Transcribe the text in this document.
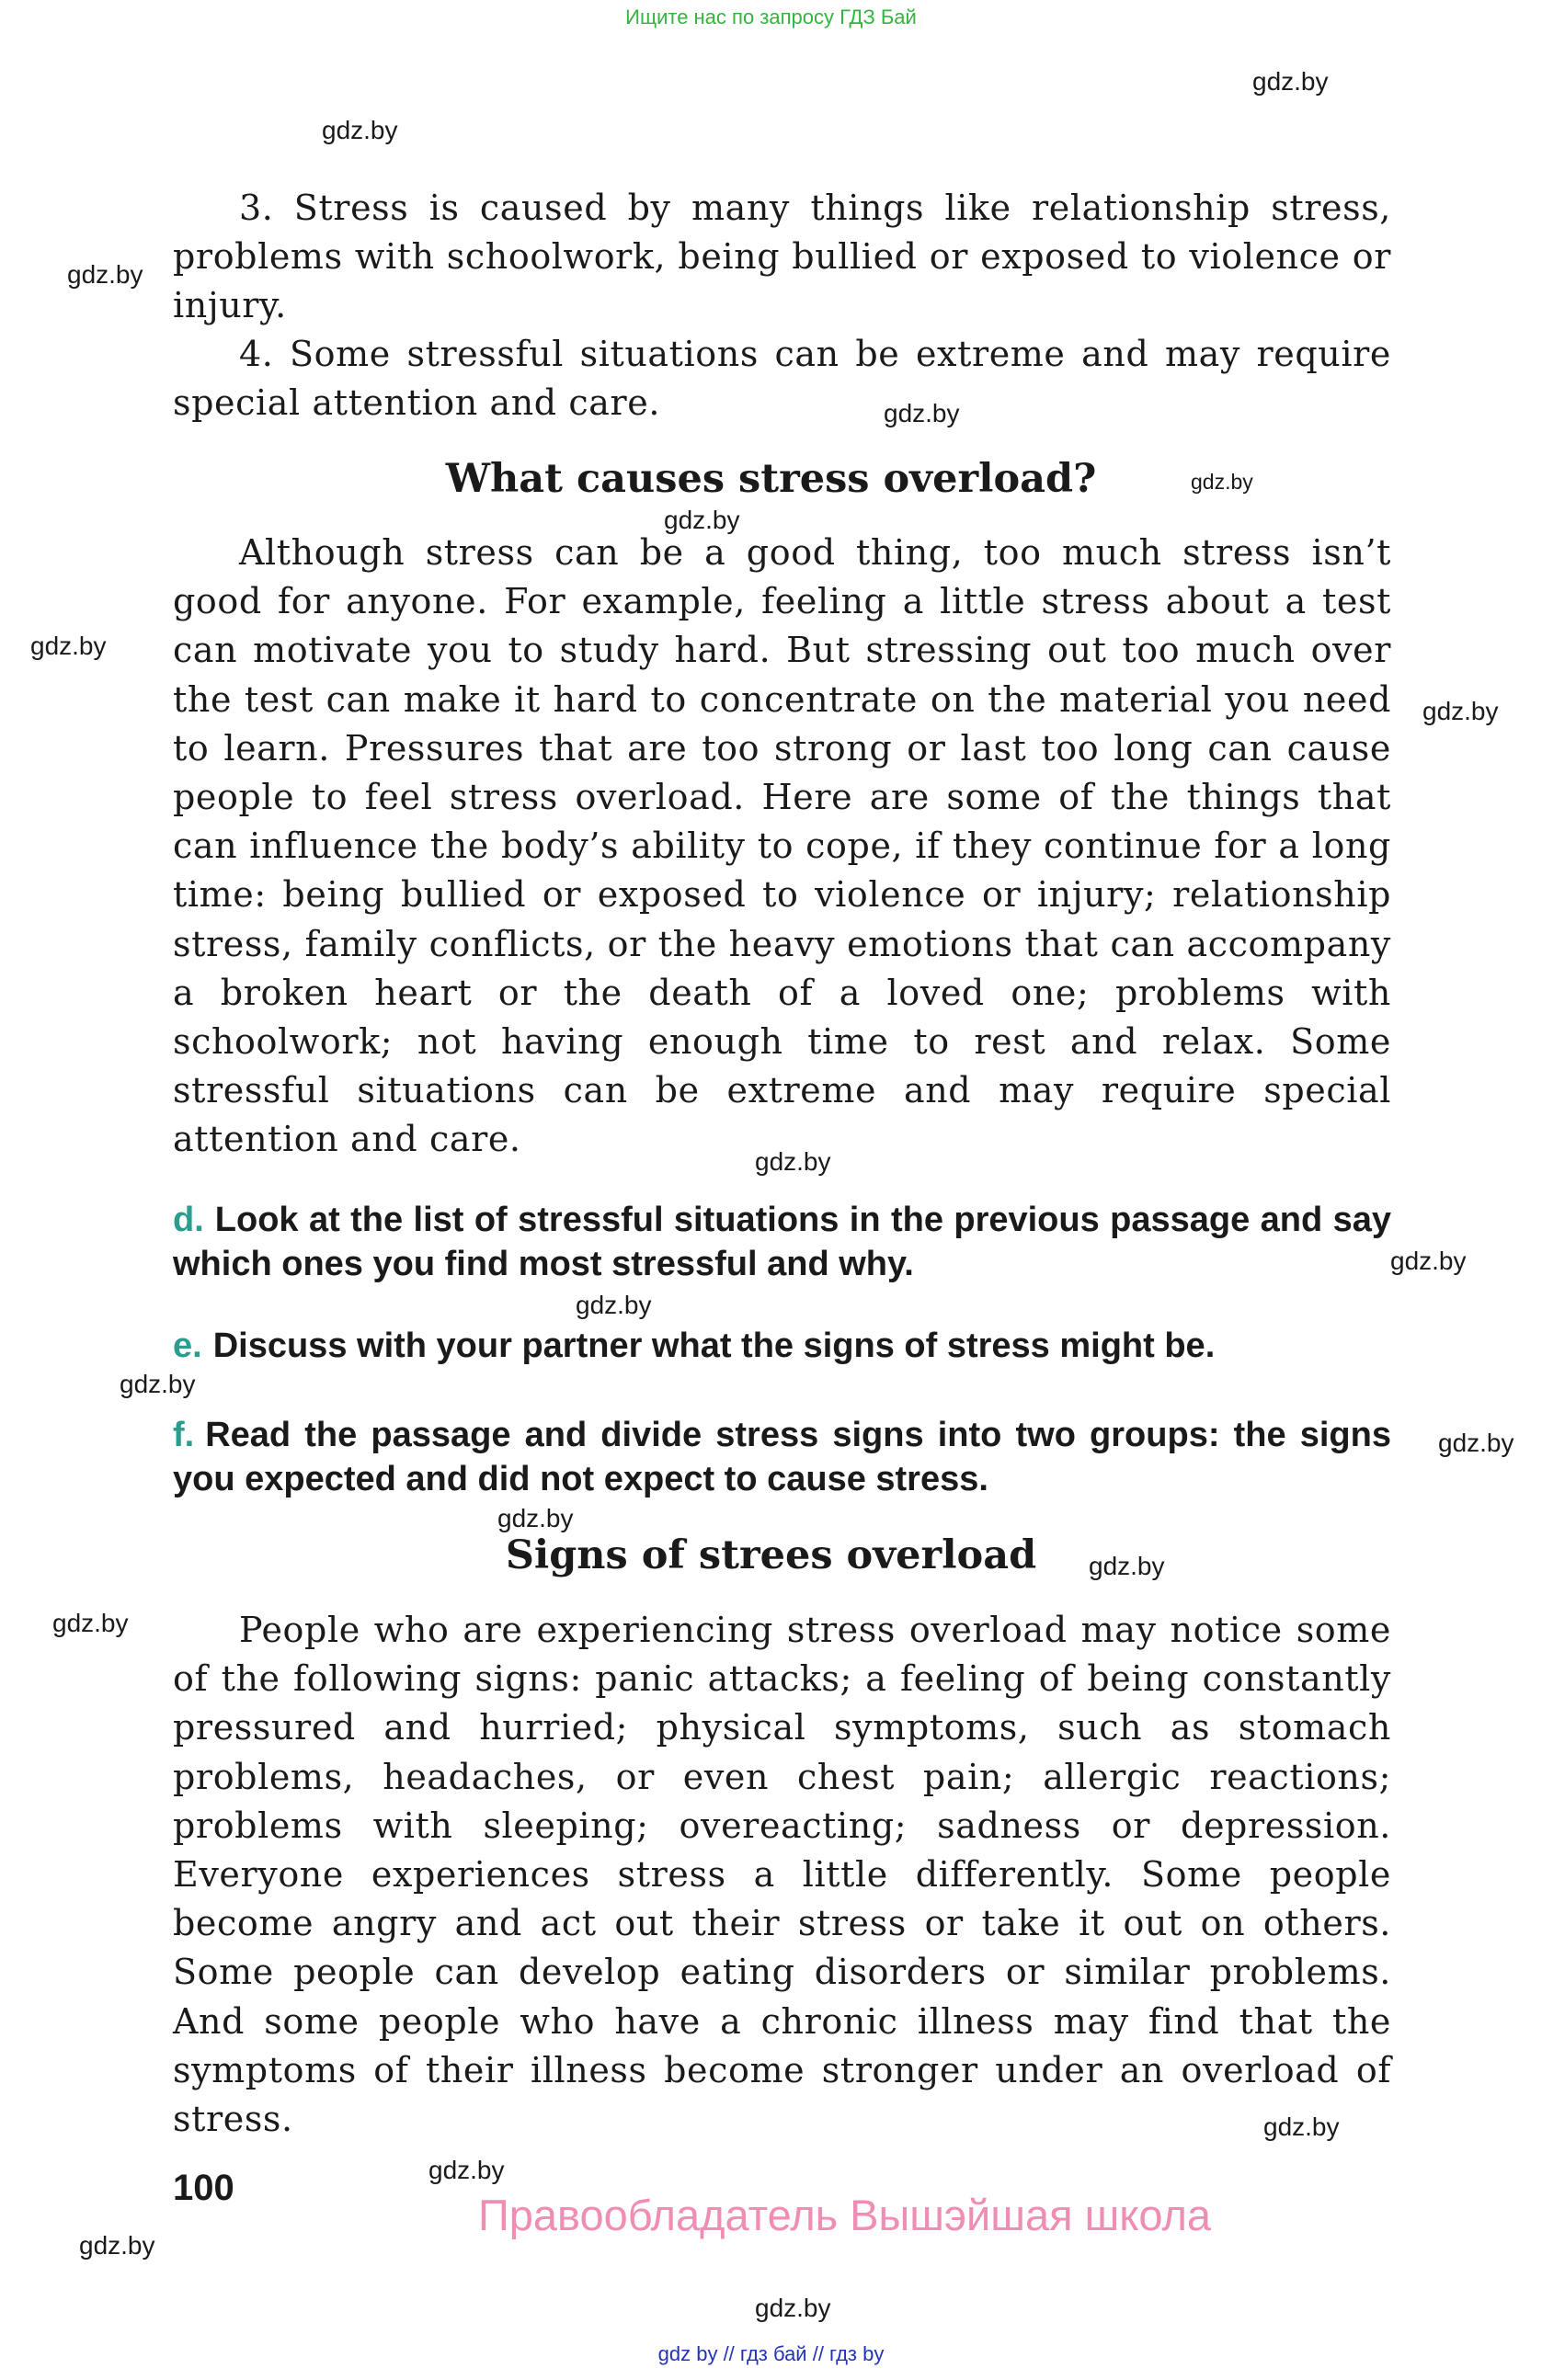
Ищите нас по запросу ГДЗ Бай
3. Stress is caused by many things like relationship stress, problems with schoolwork, being bullied or exposed to violence or injury.
4. Some stressful situations can be extreme and may require special attention and care.
What causes stress overload?
Although stress can be a good thing, too much stress isn’t good for anyone. For example, feeling a little stress about a test can motivate you to study hard. But stressing out too much over the test can make it hard to concentrate on the material you need to learn. Pressures that are too strong or last too long can cause people to feel stress overload. Here are some of the things that can influence the body’s ability to cope, if they continue for a long time: being bullied or exposed to violence or injury; relationship stress, family conflicts, or the heavy emotions that can accompany a broken heart or the death of a loved one; problems with schoolwork; not having enough time to rest and relax. Some stressful situations can be extreme and may require special attention and care.
d. Look at the list of stressful situations in the previous passage and say which ones you find most stressful and why.
e. Discuss with your partner what the signs of stress might be.
f. Read the passage and divide stress signs into two groups: the signs you expected and did not expect to cause stress.
Signs of strees overload
People who are experiencing stress overload may notice some of the following signs: panic attacks; a feeling of being constantly pressured and hurried; physical symptoms, such as stomach problems, headaches, or even chest pain; allergic reactions; problems with sleeping; overeacting; sadness or depression. Everyone experiences stress a little differently. Some people become angry and act out their stress or take it out on others. Some people can develop eating disorders or similar problems. And some people who have a chronic illness may find that the symptoms of their illness become stronger under an overload of stress.
100
Правообладатель Вышэйшая школа
gdz by // гдз бай // гдз by
gdz.by
gdz.by
gdz.by
gdz.by
gdz.by
gdz.by
gdz.by
gdz.by
gdz.by
gdz.by
gdz.by
gdz.by
gdz.by
gdz.by
gdz.by
gdz.by
gdz.by
gdz.by
gdz.by
gdz.by
